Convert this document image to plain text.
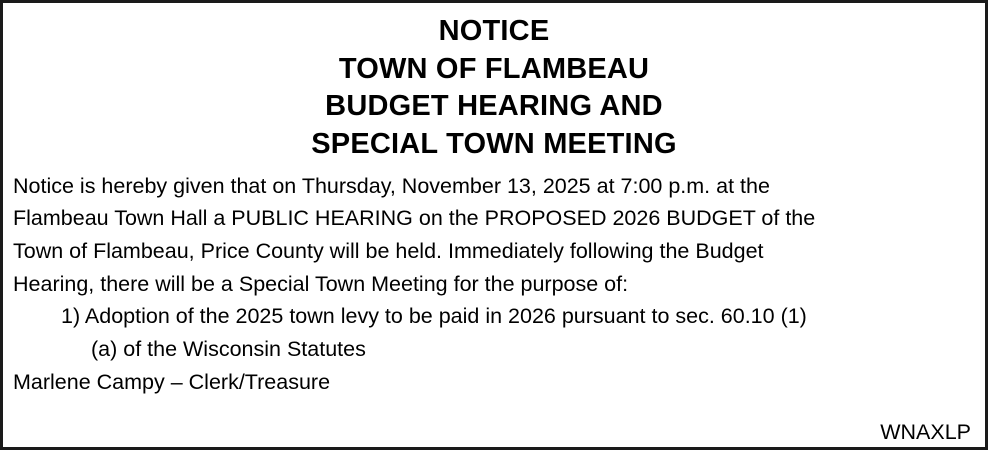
NOTICE
TOWN OF FLAMBEAU
BUDGET HEARING AND
SPECIAL TOWN MEETING
Notice is hereby given that on Thursday, November 13, 2025 at 7:00 p.m. at the
Flambeau Town Hall a PUBLIC HEARING on the PROPOSED 2026 BUDGET of the
Town of Flambeau, Price County will be held. Immediately following the Budget
Hearing, there will be a Special Town Meeting for the purpose of:
1) Adoption of the 2025 town levy to be paid in 2026 pursuant to sec. 60.10 (1)
(a) of the Wisconsin Statutes
Marlene Campy – Clerk/Treasure
WNAXLP
